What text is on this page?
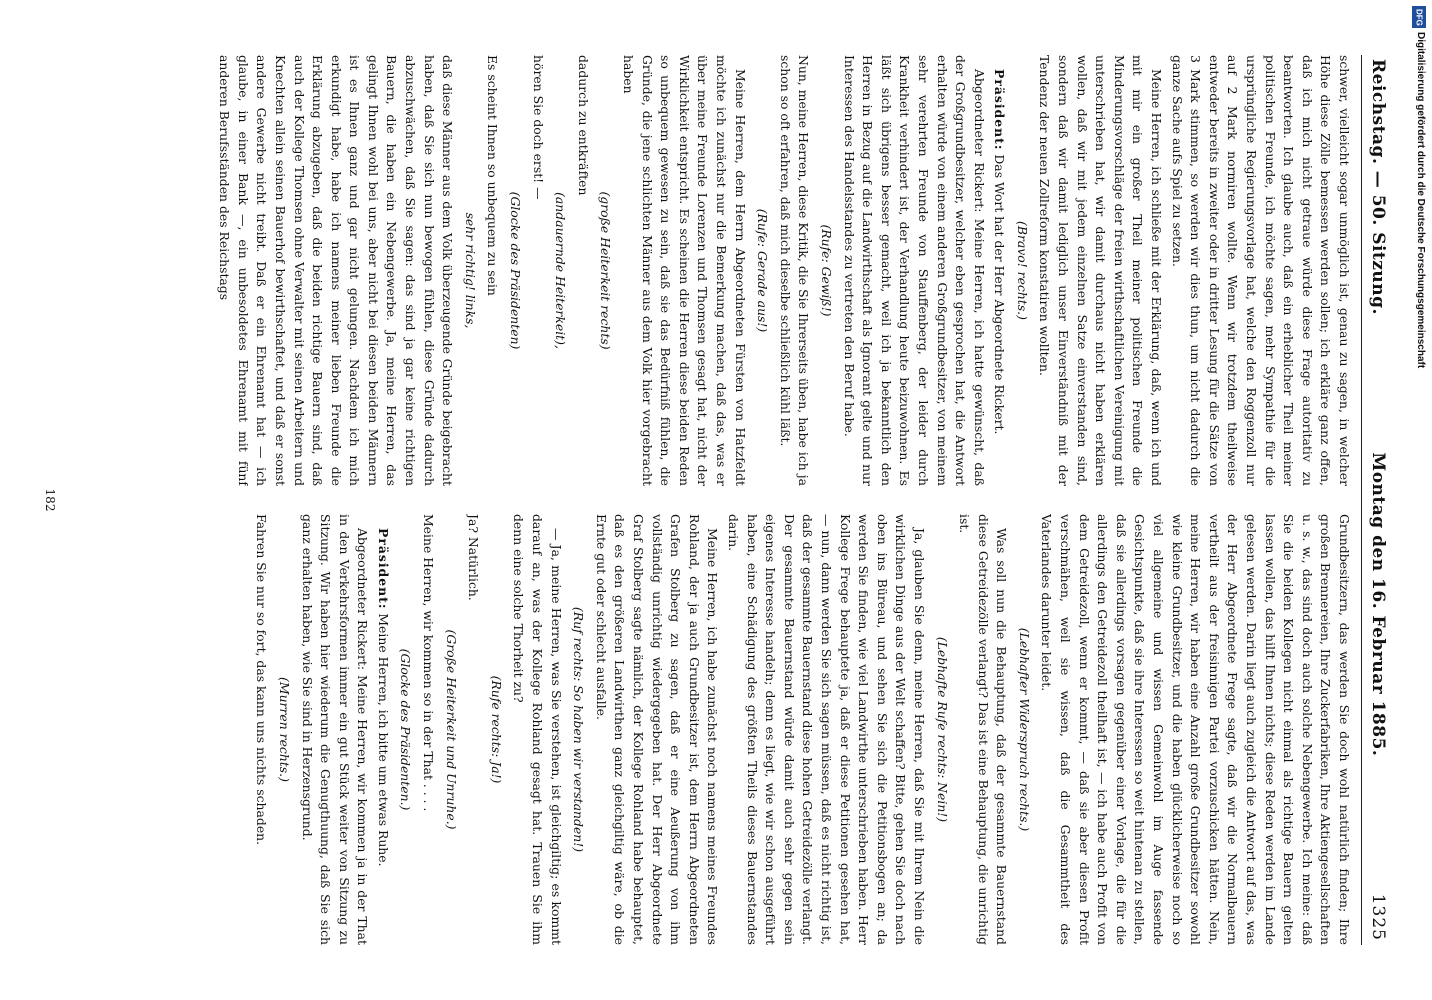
Reichstag. — 50. Sitzung.
Montag den 16. Februar 1885.
1325

schwer, vielleicht sogar unmöglich ist, genau zu sagen, in welcher Höhe diese Zölle bemessen werden sollen; ich erkläre ganz offen, daß ich mich nicht getraue würde diese Frage autoritativ zu beantworten. Ich glaube auch, daß ein erheblicher Theil meiner politischen Freunde, ich möchte sagen, mehr Sympathie für die ursprüngliche Regierungsvorlage hat, welche den Roggenzoll nur auf 2 Mark normiren wollte. Wenn wir trotzdem theilweise entweder bereits in zweiter oder in dritter Lesung für die Sätze von 3 Mark stimmen, so werden wir dies thun, um nicht dadurch die ganze Sache aufs Spiel zu setzen.

Meine Herren, ich schließe mit der Erklärung, daß, wenn ich und mit mir ein großer Theil meiner politischen Freunde die Minderungsvorschläge der freien wirthschaftlichen Vereinigung mit unterschrieben hat, wir damit durchaus nicht haben erklären wollen, daß wir mit jedem einzelnen Satze einverstanden sind, sondern daß wir damit lediglich unser Einverständniß mit der Tendenz der neuen Zollreform konstatiren wollten.

(Bravo! rechts.)

Präsident: Das Wort hat der Herr Abgeordnete Rickert.

Abgeordneter Rickert: Meine Herren, ich hatte gewünscht, daß der Großgrundbesitzer, welcher eben gesprochen hat, die Antwort erhalten würde von einem anderen Großgrundbesitzer, von meinem sehr verehrten Freunde von Stauffenberg, der leider durch Krankheit verhindert ist, der Verhandlung heute beizuwohnen. Es läßt sich übrigens besser gemacht, weil ich ja bekanntlich den Herren in Bezug auf die Landwirthschaft als Ignorant gelte und nur Interessen des Handelsstandes zu vertreten den Beruf habe.

(Rufe: Gewiß!)

Nun, meine Herren, diese Kritik, die Sie Ihrerseits üben, habe ich ja schon so oft erfahren, daß mich dieselbe schließlich kühl läßt.

(Rufe: Gerade aus!)

Meine Herren, dem Herrn Abgeordneten Fürsten von Hatzfeldt möchte ich zunächst nur die Bemerkung machen, daß das, was er über meine Freunde Lorenzen und Thomsen gesagt hat, nicht der Wirklichkeit entspricht. Es scheinen die Herren diese beiden Reden so unbequem gewesen zu sein, daß sie das Bedürfniß fühlen, die Gründe, die jene schlichten Männer aus dem Volk hier vorgebracht haben

(große Heiterkeit rechts)

dadurch zu entkräften

(andauernde Heiterkeit),

hören Sie doch erst! —

(Glocke des Präsidenten)

Es scheint Ihnen so unbequem zu sein

sehr richtig! links,

daß diese Männer aus dem Volk überzeugende Gründe beigebracht haben, daß Sie sich nun bewogen fühlen, diese Gründe dadurch abzuschwächen, daß Sie sagen: das sind ja gar keine richtigen Bauern, die haben ein Nebengewerbe. Ja, meine Herren, das gelingt Ihnen wohl bei uns, aber nicht bei diesen beiden Männern ist es Ihnen ganz und gar nicht gelungen. Nachdem ich mich erkundigt habe, habe ich namens meiner lieben Freunde die Erklärung abzugeben, daß die beiden richtige Bauern sind, daß auch der Kollege Thomsen ohne Verwalter mit seinen Arbeitern und Knechten allein seinen Bauerhof bewirthschaftet, und daß er sonst andere Gewerbe nicht treibt. Daß er ein Ehrenamt hat — ich glaube, in einer Bank —, ein unbesoldetes Ehrenamt mit fünf anderen Berufsständen des Reichstags

Grundbesitzern, das werden Sie doch wohl natürlich finden; Ihre großen Brennereien, Ihre Zuckerfabriken, Ihre Aktiengesellschaften u. s. w., das sind doch auch solche Nebengewerbe. Ich meine: daß Sie die beiden Kollegen nicht einmal als richtige Bauern gelten lassen wollen, das hilft Ihnen nichts; diese Reden werden im Lande gelesen werden. Darin liegt auch zugleich die Antwort auf das, was der Herr Abgeordnete Frege sagte, daß wir die Normalbauern vertheilt aus der freisinnigen Partei vorzuschicken hätten. Nein, meine Herren, wir haben eine Anzahl große Grundbesitzer sowohl wie kleine Grundbesitzer, und die haben glücklicherweise noch so viel allgemeine und wissen Gemeinwohl im Auge fassende Gesichtspunkte, daß sie ihre Interessen so weit hintenan zu stellen, daß sie allerdings vorsagen gegenüber einer Vorlage, die für die allerdings den Getreidezoll theilhaft ist, — ich habe auch Profit von dem Getreidezoll, wenn er kommt, — daß sie aber diesen Profit verschmähen, weil sie wissen, daß die Gesammtheit des Vaterlandes darunter leidet.

(Lebhafter Widerspruch rechts.)

Was soll nun die Behauptung, daß der gesammte Bauernstand diese Getreidezölle verlangt? Das ist eine Behauptung, die unrichtig ist.

(Lebhafte Rufe rechts: Nein!)

Ja, glauben Sie denn, meine Herren, daß Sie mit Ihrem Nein die wirklichen Dinge aus der Welt schaffen? Bitte, gehen Sie doch nach oben ins Büreau, und sehen Sie sich die Petitionsbogen an; da werden Sie finden, wie viel Landwirthe unterschrieben haben. Herr Kollege Frege behauptete ja, daß er diese Petitionen gesehen hat, — nun, dann werden Sie sich sagen müssen, daß es nicht richtig ist, daß der gesammte Bauernstand diese hohen Getreidezölle verlangt. Der gesammte Bauernstand würde damit auch sehr gegen sein eigenes Interesse handeln; denn es liegt, wie wir schon ausgeführt haben, eine Schädigung des größten Theils dieses Bauernstandes darin.

Meine Herren, ich habe zunächst noch namens meines Freundes Rohland, der ja auch Grundbesitzer ist, dem Herrn Abgeordneten Grafen Stolberg zu sagen, daß er eine Aeußerung von ihm vollständig unrichtig wiedergegeben hat. Der Herr Abgeordnete Graf Stolberg sagte nämlich, der Kollege Rohland habe behauptet, daß es den größeren Landwirthen ganz gleichgiltig wäre, ob die Ernte gut oder schlecht ausfalle.

(Ruf rechts: So haben wir verstanden!)

— Ja, meine Herren, was Sie verstehen, ist gleichgiltig; es kommt darauf an, was der Kollege Rohland gesagt hat. Trauen Sie ihm denn eine solche Thorheit zu?

(Rufe rechts: Ja!)

Ja? Natürlich.

(Große Heiterkeit und Unruhe.)

Meine Herren, wir kommen so in der That . . . .

(Glocke des Präsidenten.)

Präsident: Meine Herren, ich bitte um etwas Ruhe.

Abgeordneter Rickert: Meine Herren, wir kommen ja in der That in den Verkehrsformen immer ein gut Stück weiter von Sitzung zu Sitzung. Wir haben hier wiederum die Genugthuung, daß Sie sich ganz erhalten haben, wie Sie sind in Herzensgrund.

(Murren rechts.)

Fahren Sie nur so fort, das kann uns nichts schaden.

182
DFG
Digitalisierung gefördert durch die Deutsche Forschungsgemeinschaft
